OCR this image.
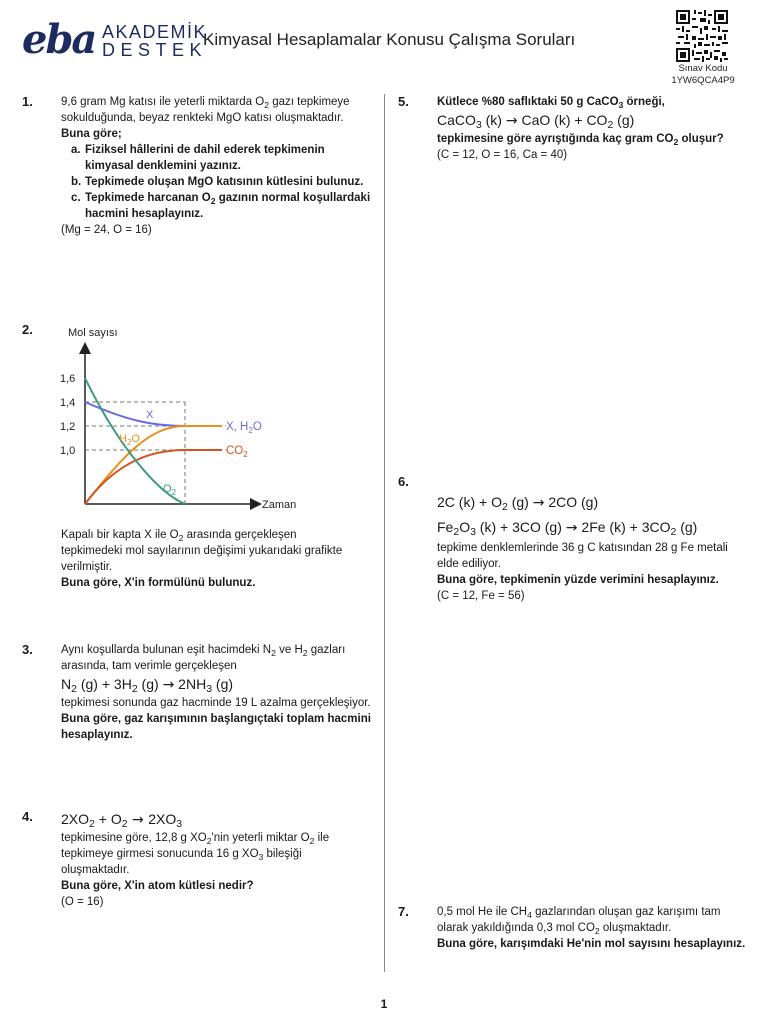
eba AKADEMİK
DESTEK
Kimyasal Hesaplamalar Konusu Çalışma Soruları
Sınav Kodu
1YW6QCA4P9
1. 9,6 gram Mg katısı ile yeterli miktarda $O_2$ gazı tepkimeye sokulduğunda, beyaz renkteki MgO katısı oluşmaktadır.
Buna göre;
a. Fiziksel hâllerini de dahil ederek tepkimenin kimyasal denklemini yazınız.
b. Tepkimede oluşan MgO katısının kütlesini bulunuz.
c. Tepkimede harcanan $O_2$ gazının normal koşullardaki hacmini hesaplayınız.
(Mg = 24, O = 16)
2.	Mol sayısı
Zaman
1,6
1,4
1,2
1,0
X
$H_2O$
$O_2$
X, $H_2O$
$CO_2$
Kapalı bir kapta X ile $O_2$ arasında gerçekleşen tepkimedeki mol sayılarının değişimi yukarıdaki grafikte verilmiştir.
Buna göre, X'in formülünü bulunuz.
3. Aynı koşullarda bulunan eşit hacimdeki $N_2$ ve $H_2$ gazları arasında, tam verimle gerçekleşen
$N_2$ $(g) + 3H_2$ $(g) \to 2NH_3$ (g)
tepkimesi sonunda gaz hacminde 19 L azalma gerçekleşiyor.
Buna göre, gaz karışımının başlangıçtaki toplam hacmini hesaplayınız.
4. $2XO_2 + O_2 \to 2XO_3$
tepkimesine göre, 12,8 g $XO_2'nin$ yeterli miktar $O_2$ ile tepkimeye girmesi sonucunda 16 g $XO_3$ bileşiği oluşmaktadır.
Buna göre, X'in atom kütlesi nedir?
(O = 16)
5. Kütlece %80 saflıktaki 50 g CaCO$_3$ örneği,
CaCO$_3$ (k) → CaO $(k) + CO_2$ (g)
tepkimesine göre ayrıştığında kaç gram $CO_2$ oluşur?
(C = 12, O = 16, Ca = 40)
6.
2C $(k) + O_2$ (g) → 2CO (g)
$Fe_2O_3$ (k) + 3CO (g) → 2Fe $(k) + 3CO_2$ (g)
tepkime denklemlerinde 36 g C katısından 28 g Fe metali elde ediliyor.
Buna göre, tepkimenin yüzde verimini hesaplayınız.
(C = 12, Fe = 56)
7. 0,5 mol He ile $CH_4$ gazlarından oluşan gaz karışımı tam olarak yakıldığında 0,3 mol $CO_2$ oluşmaktadır.
Buna göre, karışımdaki He'nin mol sayısını hesaplayınız.
1
